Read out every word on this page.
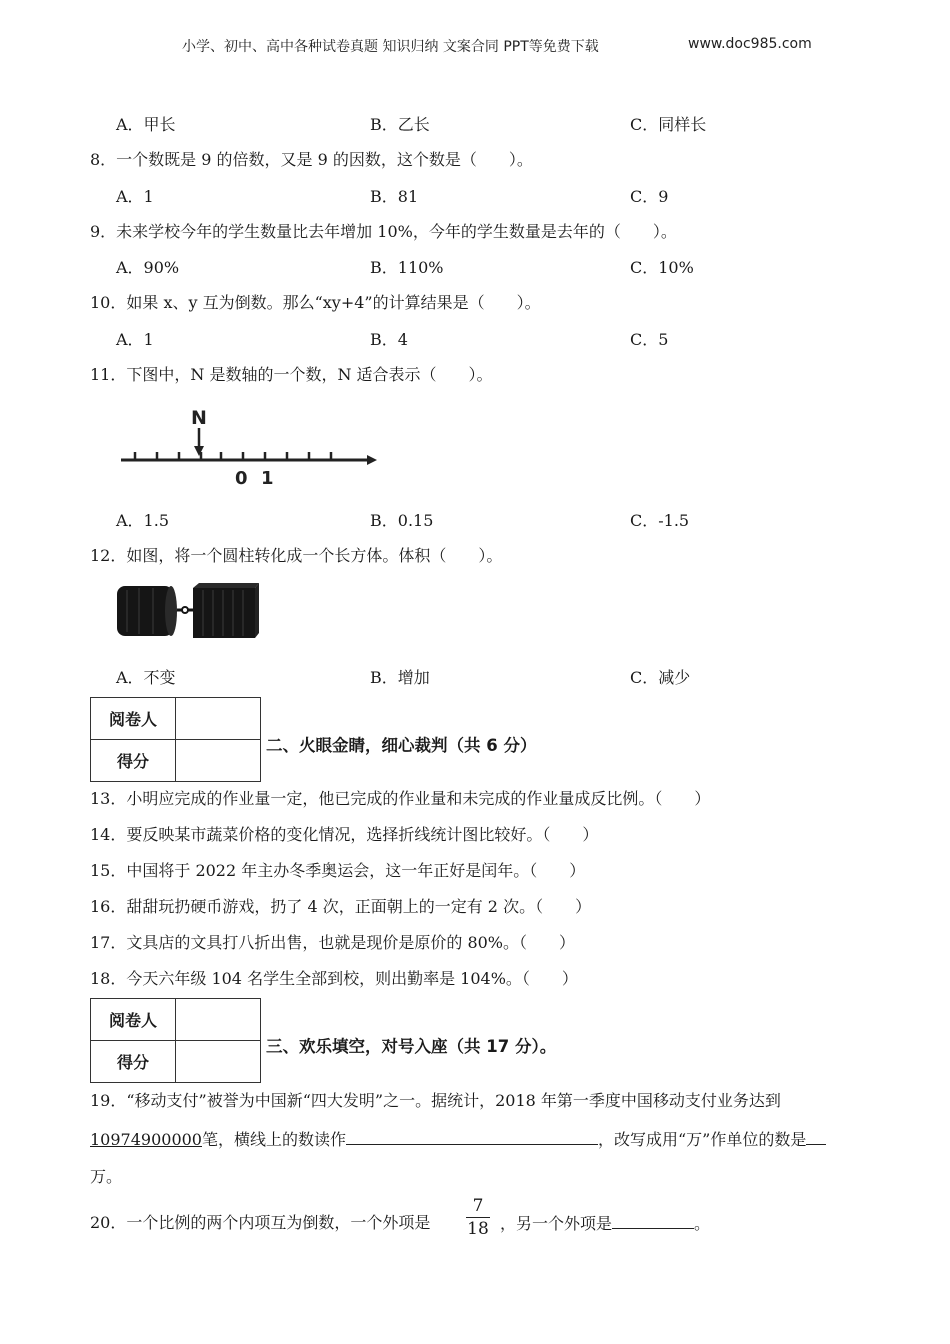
小学、初中、高中各种试卷真题 知识归纳 文案合同 PPT等免费下载	www.doc985.com
A．甲长	B．乙长	C．同样长
8．一个数既是 9 的倍数，又是 9 的因数，这个数是（　　）。
A．1	B．81	C．9
9．未来学校今年的学生数量比去年增加 10%，今年的学生数量是去年的（　　）。
A．90%	B．110%	C．10%
10．如果 x、y 互为倒数。那么“xy+4”的计算结果是（　　）。
A．1	B．4	C．5
11．下图中，N 是数轴的一个数，N 适合表示（　　）。
N
0 1
A．1.5	B．0.15	C．-1.5
12．如图，将一个圆柱转化成一个长方体。体积（　　）。
A．不变	B．增加	C．减少
阅卷人	
得分	
二、火眼金睛，细心裁判（共 6 分）
13．小明应完成的作业量一定，他已完成的作业量和未完成的作业量成反比例。（　　）
14．要反映某市蔬菜价格的变化情况，选择折线统计图比较好。（　　）
15．中国将于 2022 年主办冬季奥运会，这一年正好是闰年。（　　）
16．甜甜玩扔硬币游戏，扔了 4 次，正面朝上的一定有 2 次。（　　）
17．文具店的文具打八折出售，也就是现价是原价的 80%。（　　）
18．今天六年级 104 名学生全部到校，则出勤率是 104%。（　　）
阅卷人	
得分	
三、欢乐填空，对号入座（共 17 分）。
19．“移动支付”被誉为中国新“四大发明”之一。据统计，2018 年第一季度中国移动支付业务达到
10974900000笔，横线上的数读作	，改写成用“万”作单位的数是
万。
20．一个比例的两个内项互为倒数，一个外项是
7
18 ，另一个外项是	。
